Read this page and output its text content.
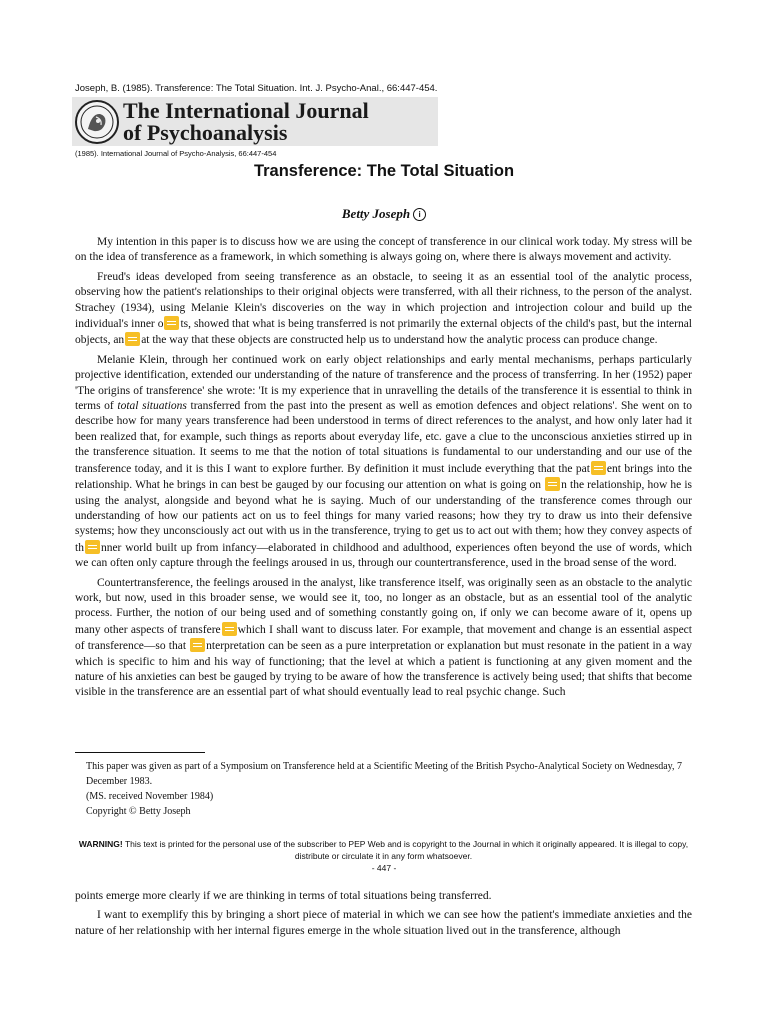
Joseph, B. (1985). Transference: The Total Situation. Int. J. Psycho-Anal., 66:447-454.
The International Journal
of Psychoanalysis
(1985). International Journal of Psycho-Analysis, 66:447-454
Transference: The Total Situation
Betty Joseph i

My intention in this paper is to discuss how we are using the concept of transference in our clinical work today. My stress will be on the idea of transference as a framework, in which something is always going on, where there is always movement and activity.

Freud's ideas developed from seeing transference as an obstacle, to seeing it as an essential tool of the analytic process, observing how the patient's relationships to their original objects were transferred, with all their richness, to the person of the analyst. Strachey (1934), using Melanie Klein's discoveries on the way in which projection and introjection colour and build up the individual's inner o ts, showed that what is being transferred is not primarily the external objects of the child's past, but the internal objects, an at the way that these objects are constructed help us to understand how the analytic process can produce change.

Melanie Klein, through her continued work on early object relationships and early mental mechanisms, perhaps particularly projective identification, extended our understanding of the nature of transference and the process of transferring. In her (1952) paper 'The origins of transference' she wrote: 'It is my experience that in unravelling the details of the transference it is essential to think in terms of total situations transferred from the past into the present as well as emotion defences and object relations'. She went on to describe how for many years transference had been understood in terms of direct references to the analyst, and how only later had it been realized that, for example, such things as reports about everyday life, etc. gave a clue to the unconscious anxieties stirred up in the transference situation. It seems to me that the notion of total situations is fundamental to our understanding and our use of the transference today, and it is this I want to explore further. By definition it must include everything that the pat ent brings into the relationship. What he brings in can best be gauged by our focusing our attention on what is going on n the relationship, how he is using the analyst, alongside and beyond what he is saying. Much of our understanding of the transference comes through our understanding of how our patients act on us to feel things for many varied reasons; how they try to draw us into their defensive systems; how they unconsciously act out with us in the transference, trying to get us to act out with them; how they convey aspects of th nner world built up from infancy—elaborated in childhood and adulthood, experiences often beyond the use of words, which we can often only capture through the feelings aroused in us, through our countertransference, used in the broad sense of the word.

Countertransference, the feelings aroused in the analyst, like transference itself, was originally seen as an obstacle to the analytic work, but now, used in this broader sense, we would see it, too, no longer as an obstacle, but as an essential tool of the analytic process. Further, the notion of our being used and of something constantly going on, if only we can become aware of it, opens up many other aspects of transfere which I shall want to discuss later. For example, that movement and change is an essential aspect of transference—so that nterpretation can be seen as a pure interpretation or explanation but must resonate in the patient in a way which is specific to him and his way of functioning; that the level at which a patient is functioning at any given moment and the nature of his anxieties can best be gauged by trying to be aware of how the transference is actively being used; that shifts that become visible in the transference are an essential part of what should eventually lead to real psychic change. Such

This paper was given as part of a Symposium on Transference held at a Scientific Meeting of the British Psycho-Analytical Society on Wednesday, 7 December 1983.
(MS. received November 1984)
Copyright © Betty Joseph
WARNING! This text is printed for the personal use of the subscriber to PEP Web and is copyright to the Journal in which it originally appeared. It is illegal to copy, distribute or circulate it in any form whatsoever.
- 447 -

points emerge more clearly if we are thinking in terms of total situations being transferred.

I want to exemplify this by bringing a short piece of material in which we can see how the patient's immediate anxieties and the nature of her relationship with her internal figures emerge in the whole situation lived out in the transference, although
